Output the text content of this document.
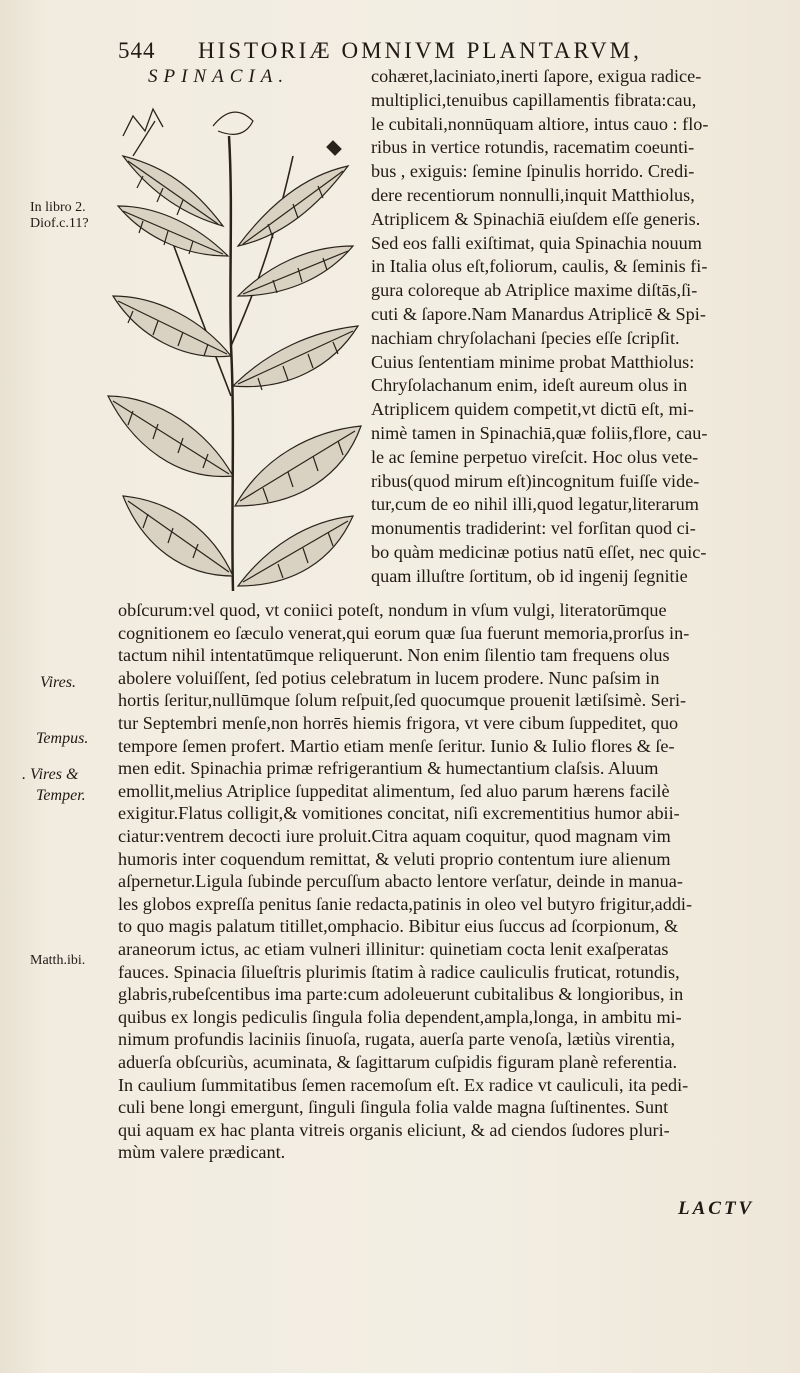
544 HISTORIÆ OMNIVM PLANTARVM,
SPINACIA.	cohæret,laciniato,inerti ſapore, exigua radice-
multiplici,tenuibus capillamentis fibrata:cau,
le cubitali,nonnūquam altiore, intus cauo : flo-
ribus in vertice rotundis, racematim coeunti-
bus , exiguis: ſemine ſpinulis horrido. Credi-
dere recentiorum nonnulli,inquit Matthiolus,
Atriplicem & Spinachiā eiuſdem eſſe generis.
Sed eos falli exiſtimat, quia Spinachia nouum
in Italia olus eſt,foliorum, caulis, & ſeminis fi-
gura coloreque ab Atriplice maxime diſtās,ſi-
cuti & ſapore.Nam Manardus Atriplicē & Spi-
nachiam chryſolachani ſpecies eſſe ſcripſit.
Cuius ſententiam minime probat Matthiolus:
Chryſolachanum enim, ideſt aureum olus in
Atriplicem quidem competit,vt dictū eſt, mi-
nimè tamen in Spinachiā,quæ foliis,flore, cau-
le ac ſemine perpetuo vireſcit. Hoc olus vete-
ribus(quod mirum eſt)incognitum fuiſſe vide-
tur,cum de eo nihil illi,quod legatur,literarum
monumentis tradiderint: vel forſitan quod ci-
bo quàm medicinæ potius natū eſſet, nec quic-
quam illuſtre ſortitum, ob id ingenij ſegnitie
obſcurum:vel quod, vt coniici poteſt, nondum in vſum vulgi, literatorūmque
cognitionem eo ſæculo venerat,qui eorum quæ ſua fuerunt memoria,prorſus in-
tactum nihil intentatūmque reliquerunt. Non enim ſilentio tam frequens olus
abolere voluiſſent, ſed potius celebratum in lucem prodere. Nunc paſsim in
hortis ſeritur,nullūmque ſolum reſpuit,ſed quocumque prouenit lætiſsimè. Seri-
tur Septembri menſe,non horrēs hiemis frigora, vt vere cibum ſuppeditet, quo
tempore ſemen profert. Martio etiam menſe ſeritur. Iunio & Iulio flores & ſe-
men edit. Spinachia primæ refrigerantium & humectantium claſsis. Aluum
emollit,melius Atriplice ſuppeditat alimentum, ſed aluo parum hærens facilè
exigitur.Flatus colligit,& vomitiones concitat, niſi excrementitius humor abii-
ciatur:ventrem decocti iure proluit.Citra aquam coquitur, quod magnam vim
humoris inter coquendum remittat, & veluti proprio contentum iure alienum
aſpernetur.Ligula ſubinde percuſſum abacto lentore verſatur, deinde in manua-
les globos expreſſa penitus ſanie redacta,patinis in oleo vel butyro frigitur,addi-
to quo magis palatum titillet,omphacio. Bibitur eius ſuccus ad ſcorpionum, &
araneorum ictus, ac etiam vulneri illinitur: quinetiam cocta lenit exaſperatas
fauces. Spinacia ſilueſtris plurimis ſtatim à radice cauliculis fruticat, rotundis,
glabris,rubeſcentibus ima parte:cum adoleuerunt cubitalibus & longioribus, in
quibus ex longis pediculis ſingula folia dependent,ampla,longa, in ambitu mi-
nimum profundis laciniis ſinuoſa, rugata, auerſa parte venoſa, lætiùs virentia,
aduerſa obſcuriùs, acuminata, & ſagittarum cuſpidis figuram planè referentia.
In caulium ſummitatibus ſemen racemoſum eſt. Ex radice vt cauliculi, ita pedi-
culi bene longi emergunt, ſinguli ſingula folia valde magna ſuſtinentes. Sunt
qui aquam ex hac planta vitreis organis eliciunt, & ad ciendos ſudores pluri-
mùm valere prædicant.
In libro 2.
Diof.c.11?
Vires.
Tempus.
. Vires &
Temper.
Matth.ibi.
LACTV
